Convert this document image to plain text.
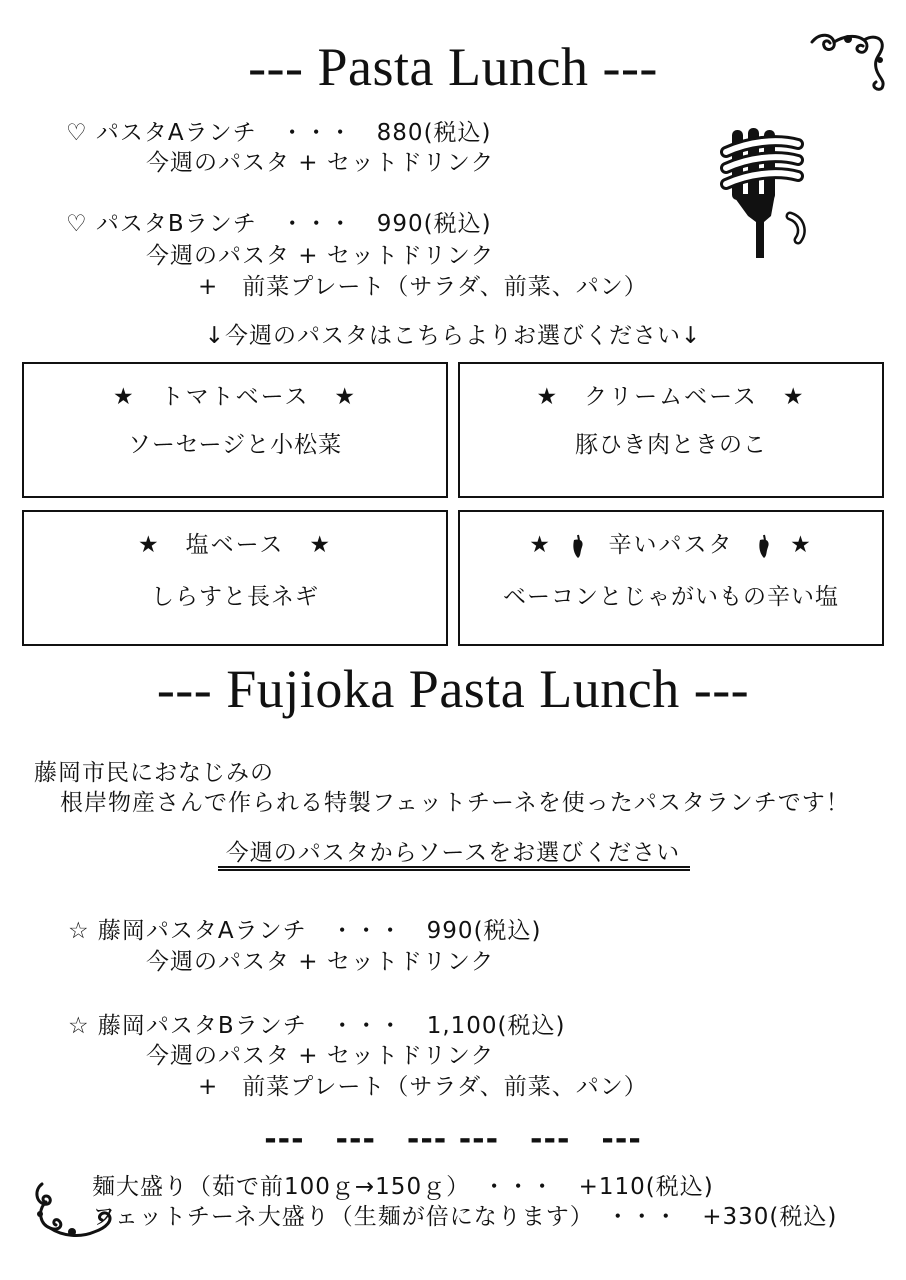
--- Pasta Lunch ---
♡ パスタAランチ　・・・　880(税込)
今週のパスタ + セットドリンク
♡ パスタBランチ　・・・　990(税込)
今週のパスタ + セットドリンク
+　前菜プレート（サラダ、前菜、パン）
↓今週のパスタはこちらよりお選びください↓
★　トマトベース　★
ソーセージと小松菜
★　クリームベース　★
豚ひき肉ときのこ
★　塩ベース　★
しらすと長ネギ
★ 辛いパスタ ★
ベーコンとじゃがいもの辛い塩
--- Fujioka Pasta Lunch ---
藤岡市民におなじみの
根岸物産さんで作られる特製フェットチーネを使ったパスタランチです！
今週のパスタからソースをお選びください
☆ 藤岡パスタAランチ　・・・　990(税込)
今週のパスタ + セットドリンク
☆ 藤岡パスタBランチ　・・・　1,100(税込)
今週のパスタ + セットドリンク
+　前菜プレート（サラダ、前菜、パン）
---　---　--- ---　---　---
麺大盛り（茹で前100ｇ→150ｇ）　・・・　+110(税込)
フェットチーネ大盛り（生麺が倍になります）　・・・　+330(税込)
